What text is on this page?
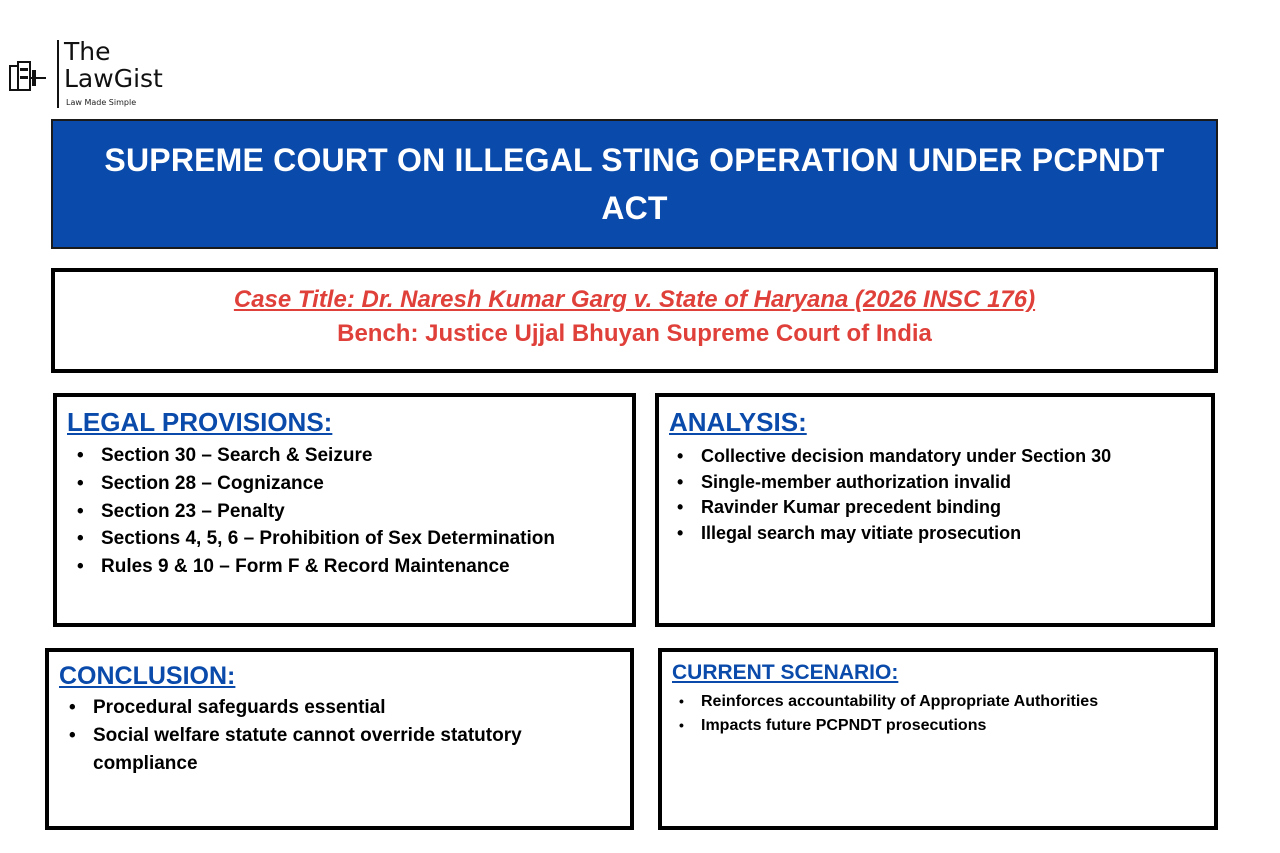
The
LawGist
Law Made Simple
SUPREME COURT ON ILLEGAL STING OPERATION UNDER PCPNDT ACT
Case Title: Dr. Naresh Kumar Garg v. State of Haryana (2026 INSC 176)
Bench: Justice Ujjal Bhuyan Supreme Court of India
LEGAL PROVISIONS:
• Section 30 – Search & Seizure
• Section 28 – Cognizance
• Section 23 – Penalty
• Sections 4, 5, 6 – Prohibition of Sex Determination
• Rules 9 & 10 – Form F & Record Maintenance
ANALYSIS:
• Collective decision mandatory under Section 30
• Single-member authorization invalid
• Ravinder Kumar precedent binding
• Illegal search may vitiate prosecution
CONCLUSION:
• Procedural safeguards essential
• Social welfare statute cannot override statutory compliance
CURRENT SCENARIO:
• Reinforces accountability of Appropriate Authorities
• Impacts future PCPNDT prosecutions
